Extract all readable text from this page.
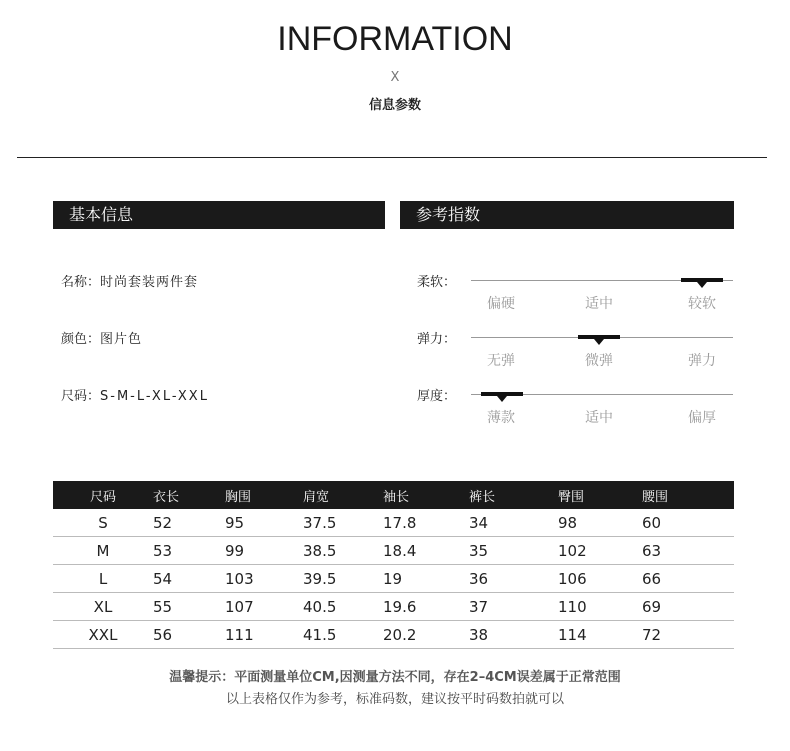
INFORMATION
X
信息参数
基本信息
名称：时尚套装两件套
颜色：图片色
尺码：S-M-L-XL-XXL
参考指数
柔软：
偏硬	适中	较软
弹力：
无弹	微弹	弹力
厚度：
薄款	适中	偏厚
尺码	衣长	胸围	肩宽	袖长	裤长	臀围	腰围
S	52	95	37.5	17.8	34	98	60
M	53	99	38.5	18.4	35	102	63
L	54	103	39.5	19	36	106	66
XL	55	107	40.5	19.6	37	110	69
XXL	56	111	41.5	20.2	38	114	72
温馨提示：平面测量单位CM,因测量方法不同，存在2–4CM误差属于正常范围
以上表格仅作为参考，标准码数，建议按平时码数拍就可以
